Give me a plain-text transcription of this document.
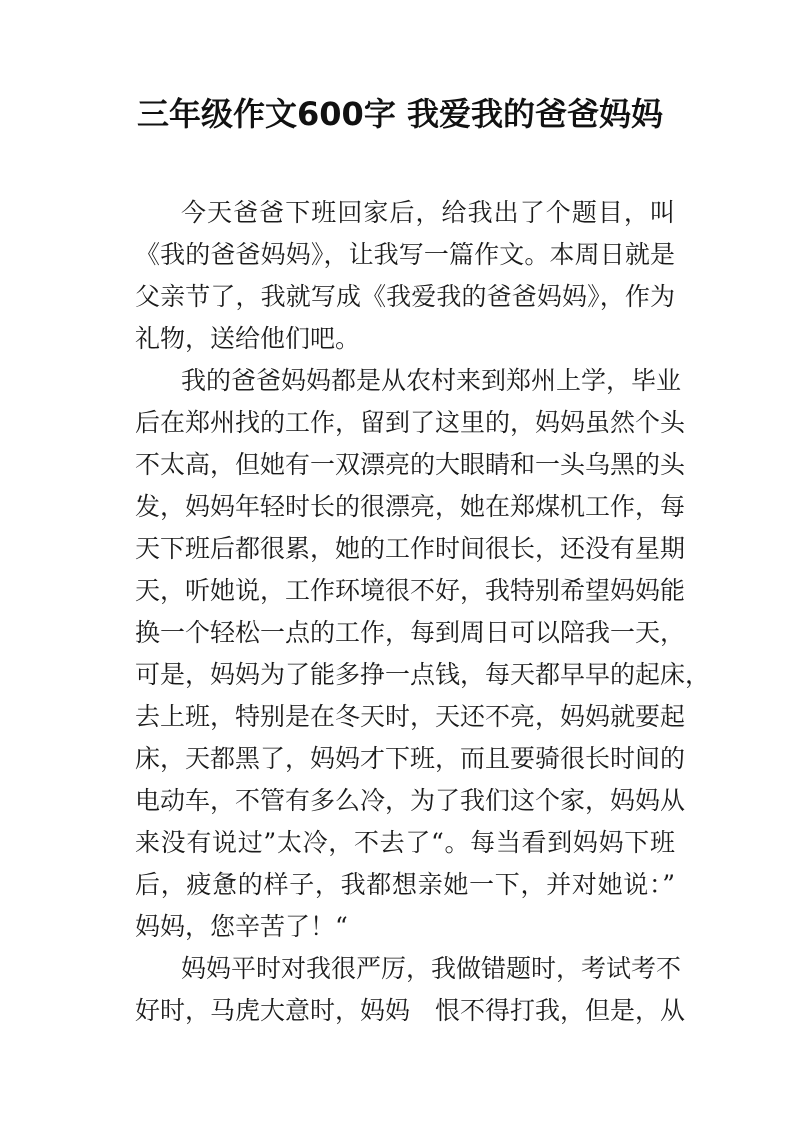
三年级作文600字 我爱我的爸爸妈妈
今天爸爸下班回家后，给我出了个题目，叫
《我的爸爸妈妈》，让我写一篇作文。本周日就是
父亲节了，我就写成《我爱我的爸爸妈妈》，作为
礼物，送给他们吧。
我的爸爸妈妈都是从农村来到郑州上学，毕业
后在郑州找的工作，留到了这里的，妈妈虽然个头
不太高，但她有一双漂亮的大眼睛和一头乌黑的头
发，妈妈年轻时长的很漂亮，她在郑煤机工作，每
天下班后都很累，她的工作时间很长，还没有星期
天，听她说，工作环境很不好，我特别希望妈妈能
换一个轻松一点的工作，每到周日可以陪我一天，
可是，妈妈为了能多挣一点钱，每天都早早的起床，
去上班，特别是在冬天时，天还不亮，妈妈就要起
床，天都黑了，妈妈才下班，而且要骑很长时间的
电动车，不管有多么冷，为了我们这个家，妈妈从
来没有说过”太冷，不去了“。每当看到妈妈下班
后，疲惫的样子，我都想亲她一下，并对她说：”
妈妈，您辛苦了！“
妈妈平时对我很严厉，我做错题时，考试考不
好时，马虎大意时，妈妈　恨不得打我，但是，从
